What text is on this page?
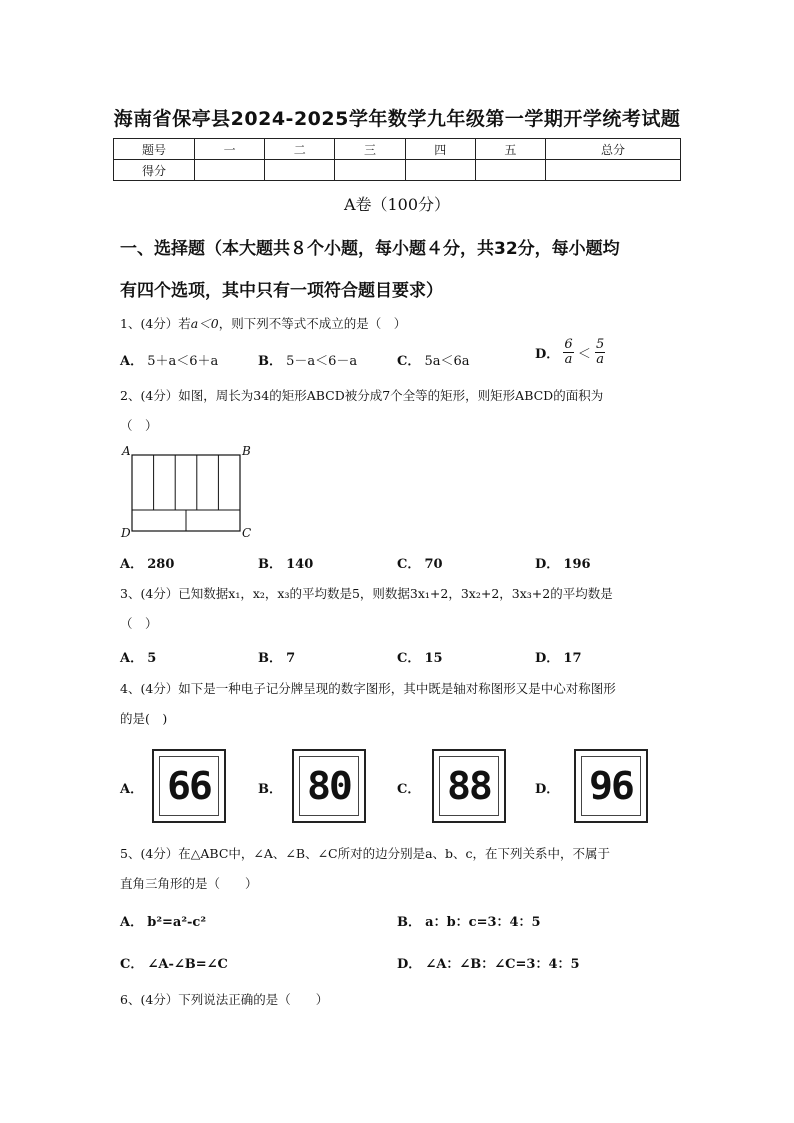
海南省保亭县2024-2025学年数学九年级第一学期开学统考试题
题号	一	二	三	四	五	总分
得分						
A卷（100分）
一、选择题（本大题共８个小题，每小题４分，共32分，每小题均
有四个选项，其中只有一项符合题目要求）
1、(4分）若a＜0，则下列不等式不成立的是（　）
A． 5＋a＜6＋a	B． 5－a＜6－a	C． 5a＜6a	D． $\frac{6}{a} < \frac{5}{a}$
2、(4分）如图，周长为34的矩形ABCD被分成7个全等的矩形，则矩形ABCD的面积为
（　）
A	B
D	C
A． 280	B． 140	C． 70	D． 196
3、(4分）已知数据x₁，x₂，x₃的平均数是5，则数据3x₁+2，3x₂+2，3x₃+2的平均数是
（　）
A． 5	B． 7	C． 15	D． 17
4、(4分）如下是一种电子记分牌呈现的数字图形，其中既是轴对称图形又是中心对称图形
的是(　)
A． 66	B． 80	C． 88	D． 96
5、(4分）在△ABC中，∠A、∠B、∠C所对的边分别是a、b、c，在下列关系中，不属于
直角三角形的是（　　）
A． b²=a²-c²	B． a：b：c=3：4：5
C． ∠A-∠B=∠C	D． ∠A：∠B：∠C=3：4：5
6、(4分）下列说法正确的是（　　）
